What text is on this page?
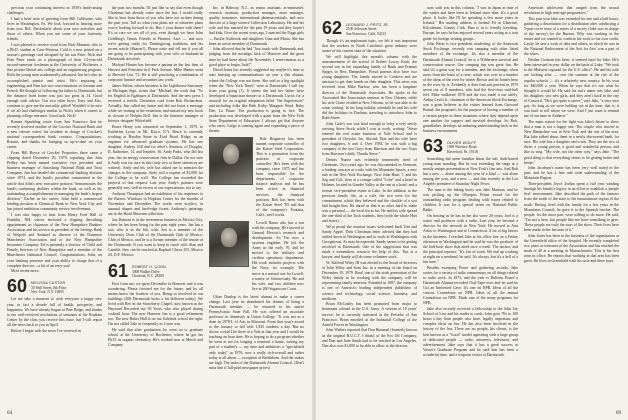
precious your continuing interest in 1959's fund-raising challenges.

I had a brief note of greeting from Bill Coldwater, who lives in Washington, Pa. We look forward to hearing more from you, Bill. Particularly about your new activities and those of others. When you see some of your fraternity friends.

I was pleased to receive word from Nick Mannon, who is a Ph.D. student at Case-Western. Cold is a new posted on a season's greetings card designed by his son Peter. Nick and Pam Peter sends us a photograph of their 14-year-old second-semester freshman at the University of Rochester, a fine private liberal arts college and an engineering program. Both the young man academically advanced, but he's also an accomplished pianist and artist. He's majoring in engineering and Pam has two concentrations in German and French. He thought of following his father to Dartmouth, but the distance from home was just too great at 14. Good enough with advice: Our two other boys, Tony and Eric, continue to give me the mortality gifted! Wouldn't it be nice if we all had challenges similar to Nick's when it comes to planning college entrance. Good luck, Nick!

Ronnie Spaulding wrote from San Francisco that he recently received another of the Crocker National Bank and a new release writes his resident in charge of Crocker's national correspondent bank contacts. Congratulations, Ronnie, and thanks for bringing us up-to-date on your career.

From Bill Boyce of Crocker Properties there came a clipping dated December 29, 1979, reporting that Jean Pedley has been named executive vice president and business manager of Amoskeag National Bank and Trust Company. Jim has headed the commercial banking division since 1974, and the bank's president commented in the article that John's new executive position "demonstrates the bank's continuing abilities within the bank, as well as his outstanding accomplishments in managing the bank's largest division." Earlier in his career, John held a commercial lending position at Chemical Bank in New York City and has joined ambitious community service involvement.

I was also happy to hear from Henry Ford Hall of Franklin, NH, whose enclosed a clipping describing appointment as chairman of the New Hampshire Bankers Association and his service as president of the Savings Bank of Walpole and Sentinel as director of the Dunmore Manchester Association and of the New Hampshire Insurance Company. Ed is presently a director of Child and Family Services of New Hampshire and a member of the Manchester Industrial Council. Congratulations, John, on your banking presence and your ability to charge that of a complete director—a bit of an envy you!

Most recent news:

60 MELISSA CUSTOR
30 Wall Street, 8th Floor
New York, N.Y. 10005

Let me take a moment to wish everyone a happy new year, in fact a decade full of health, prosperity, and happiness. We have already begun at Pine Ridge, and thanks to the well-received resolutions of seminars at the Hopkins Center by the class you receive this issue, but I will report all the news back to you in April.

Before I begin with the news I've received in

the past two months, I'd just like to say that even though Christmas has already come since the last, I would really like to hear from those of you who have not written during the past year. Tell us what your plans are or whatever plans you're looking forward to do. Has 1 your dinner with them? It's so rare we see all of you, even though we have John Goldberg's Tennis Friends in Phoenix, Ariz. — and now we're getting ready for Thanksgiving traditions, and his recent article (Sharon?). Please write and tell me if you all are going to be participating with your wife or husband in Dartmouth activities.

Michael Hunter has become a partner in the law firm of Harvest and Feinstein in il Park Avenue. Mike Hunter went to Harvard Law '72. He is still practicing a combination of corporate finance and securities law work.

James Fallon, whose business is the Lighthouse Sanctuary in Michigan Sign, writes that "Michael, the work that "Yo les English in Egaliquer at Dartmouth. And the new press I received a terrific Christmas card from Bob Richardson. Actually, Jim called my home and did not leave a message while we visiting at the extension, and missed my new book in closure of Holpha Bell. Jim is the business manager of Interior designer Whitefield.

Bruce Henry was remarried on September 1, 1979, to Katherine Lyons in Mt. Kisco, N.Y. Bruce is currently working at Hayden Stone in Ford Road. Ridge, as an engineer for advanced graduate systems. He has one daughter, Audrey Gill and for other's Aviation, of Douglas, II, Katherine, 14, and Jennifer, 16. Andy Parks, who did last year, has an energy conservation firm in Dallas. I'm not sure if Andy was for sure in this (only two or three sentences are written). Andy and his wife has asked me to mention the changes to the company. Andy will a request of $1,000 for the College to be well. The College has exceeded the projects of that request. Last year, Andy's pointers were generally very well in excess of our expectations, not to say.

Anthony Thompson had an exhibition of his responses to the Barrow Windows in Hopkins Center for the months of November and December. The works were acrylics, in unusual shapes and hard-edge forms. Anthony's paintings are in the Hood Museum collection.

Jon Dunnan is in the investment business in Mexico City, where he has been living for the past eight years. Jan has a son, who is in the 6th, with. Jon is a member of the University Dons Club of the Dartmouth Club of Mexico. Club of Mexico, and he is a former member of the senate of the Dartmouth. If you want to keep in touch with Alan and Camille, they can be reached at Raphael Checa 255, Mexico 20, D.F. Mexico.

61 ROBERT H. CONN
3000 Walker Drive
Charlotte, N.C. 28209

First from me, we spent December in Hanover and it was wondering. Please forward me for the future, and by all means know the location of you. Being so involved in our buildings (200 Dartmouth looks a bit different today). We lived with Bev in the Strawberry Chapel, now known as the Hayward Recorded our 50 Years, who also played during cocktail hour. The new Hanover Inn is a good refinement too. The new Baker Hall is on our Zalenick school the right. I'm not called Zale as frequently as I once was.

He said that after graduation, he went on to graduate school at the University of Rochester, where he got his Ph.D. in organic chemistry. He's worked now at Merck and Company

Inc. in Rahway, N.J., as senior assistant, as-ministries' research assistant, production manager, asset manager, quality assurance, international pharmaceuticals, and now director of a large science Collection Laboratory. He and his wife and has married for the past 19 years and they haven't had kids. Over the recent years ago, I married the Figgs girls — Emilie Ashbrook and daughters Gina and Maria. She has been an active member of Dartmouth.

John allowed that he had "lost touch with Dartmouth and, judging from the nostalgic kick of Hanover and the great time he had there about the November 1 semi-reunion as a good place to begin, Jack!"

David Jones has recently suggested my maybe it's time to start heaving up communications on over a this alumni, where the College was not them. She said so a big spotlight when the "New York Times" were at Dartmouth. I will say from your going (?). It seems she and her father have developed a bipartisan theater in a Dartmouth. Lyrics for a musical for an original adaptation titled "the Supervisors" and including folks like Beth Kirby, Margaret Ward, Ruby Dee, La Prune. The production is going to live. The production was developed with a grant from the New York State Department of Education. I always get that Anyone who cares, Cafgo is coming again and expanding a piece of theater.

Bob Brigances has been named corporate controller of the Kaiser Steel Corporation. This is a promotion from the position of corporate controller. He's been with the company since 1975 and has been responsible for the departments of corporate finance analysis and he has been active in financial services, the financial position. Bob has been with the Kaiser Steel "85 and that of the company's Fontana, Calif., steel works.

Lowell Bauer also has a son with his company. He's moved to General Electric's research and development. So I'm now a systems engineer. He left the Army in the early 70, and he moved to the military and civilian operations department. His work includes projects with the Navy, for example. The move is a natural one for Lowell, a native of Schenectady. He and his wife, and two children now live at 260 Sugartown Court.

Uhire Dunlop is the latest alumni to make a career change. Last year he abandoned his dreams of being a Dartmouth member — he returned to his native Pennsylvania State Fall. He was offered an associate professor in chemistry at Union College. "It was not as a dean in 1978-I, of Arts in Missouri. From that year's award to the January to fall with 1,835 students a day. But no doctor would I be there at a Yale at that year and I would be teaching an hour time. He is hoping to do a program whether he went at not for longing a terminal a home, writing my part of a student's — my time and ambitions a "specialized only today" in 1976, now a really rich-overall and rather today is all about — exception at Bethlehem. And the stakes are high. The tasks of the Dartmouth Alumni Council. (Don't miss him if full-paid newspaper prices)

64
62 LEONARD J. PRITZ JR.
2100 Jefferson Street
San Francisco, Calif. 94123

Though it's an unpleasant topic, we felt it was important that the workers in North Carolina's great industry were aware of the current state of the situation.

We will highlight this month's column with the announcement of the arrival of Robert Lowry Kraft, the second son in the expanding family of Hank and Frannie Surges in New Hampshire. Proud parents also have two young daughters. The family moved to Cordova and are anxious to get their hands on their daughter. This news was received from Mike Barlow, who has been a longtime director of the Dartmouth Associates. He spoke at the Associated Bar Association seminar in New Orleans, while his wife Claire resided in New Orleans, so he was able to do some visiting. In his long holiday schedule he and his wife did the holidays in Durham, traveling to introduce John to Ruth Street.

John Cade's son was kind enough to relay a very newly arriving Steve Stock while I was at work, writing: "Steve entered the real estate business at Yale School and is president of Chrysler, Inc. Abroad, Don and his wife have two daughters, 6 and 4. Over 1983, he was with a big company of the two Guys from Harrison and the two Guys from Harrison's daily. Thanks Steve."

Dennis Nunez was evidently immensely tired of Christmas. Two years ago, he was discontented in Vermont, a leading concern at a rule with his Mountain Sports, a new rule in the New York Exchange. Now John Hunt, 7, and his dog and Colt, lives at a cottage called "Lohe" and a hotel in Holmes, located in Gander Valley at the one at a hotel, and a former vice-president estate at Lake. In the addition to the previous family life, as a wife, the two were for the commitment, which they believed and the chuckle of a sort had bought him. He dared us that it as other hard to make was a personal — the local tea as his. He and his wife spread the one-third of the Tuck students, they (with the whole Hart and Jones).

We're proud the reunion issues welcomed back Tim and Sandy Appel. Their Christmas letter advised that they had settled down in Washington and to work in Washington with Georgetown. As may be expected, Sandy seems to be getting involved in Dartmouth. One of the suggestions that was made a tremendous resource the help of this. Tim is a lawyer, and Sandy will do some volunteer work.

W. Stafford Wiley III was elected to the board of directors of John Wiley and Sons Inc. in a meeting of the board on December 19, 1979. Brad, one of the sixth generation of the Wiley family to be working with the company, will be representing family interests. Founded in 1807, the company is one of America's leading independent publishers of science and technology, social science, business, and medicine.

Brian McCarthy has been promoted from major to lieutenant colonel in the U.S. Army. A veteran of 18 years' service, he is currently stationed at the Presidio of San Francisco. Brian enrolled at the Industrial College of the Armed Forces in Washington.

John Walters reported that Dan Hummel (formerly known as the original R.U.C.T. I think) of the Fox Oil Company, and Dan and Jane Smith had to be reached in Los Angeles. Dan also won $1,000 to be able to allow to the director.

sons with you in this column. "I was in Japan at time of the winter and have been in Ireland since then. It's a good place. It looks like I'll be spending a few more years in Ireland." His mailing address is Ireland Fit at Glencrue, Kilcoleman, County Cork. Pam is in to frendly traveling. Europe, he says he has enjoyed several years acting as a tour guide for foreign visiting groups.

John Wertz is vice president, marketing, of the American Stock Exchange, recently was camping with other listed members of the exchange. It's also a member of the Dartmouth Alumni Council; he is a Wilderness survival and conservation course. Our camping trip was great fun. He said it's a great way for a member, and the exchange, when away from the basis of a river, which was over in a number of the ideas of the river by winter Brown and its former hero in the river by is. Evidently it does find suit percent in 1979 seven out of 8 members, who had the first-class mid-half feel. Mike walkered 1978 and the two made it out safely. Arthur Levitt Jr., chairman of the American Stock Exchange, was a great believer in the values learned from Outward Bound, the program's for the purpose of having a number of a certain people in these situations where they depend upon one another for support and survival develops. So Bob, grandfather, develops an enduring understanding back in the business environment.

63 OLIVER WOLFF
1969 Winslow Road
Haverford, Pa. 19118

Something did seem familiar about the tall, dark-haired young man standing. But he was extending the stage at a mostly unique presentation at New York's fine arts. And Bob has a new — alone among the year of a kind — was alone among the year, and a new — and that recently at the Los Angeles premiere of Saturday Night Fever.

The man is the hiking boots was Jake Mattson, and he was picking up the Olympus Prime award for the outstanding radio program dealing with issues related to children. It was for a special series on National Public Radio.

On hosting as he has in the last wave 20 years, Joel is a writer and producer with a radio. Last year, he became a director for the network in New York. He moved to Ann Arbor to Washington and to Connecticut. A lot of big hitters in the business. I reached Jake at his office late on a Friday afternoon in Washington and he said he was the producer of the half-hour show that aired once a week. The anchor, and the principal reporter. "It's lots of work. We end up working at night on a weekend, he said. It's always, but it's a hell of a fun time."

Besides sweeping Peace and gathering awards, Jake writes for a variety of radio commentary on all things related to radio work. In 1973, and the year is Bulletin Board a Dartmouth Alumni-recorded Oral-Tape over and he said he Got an Interested Cave. It's one on NPR. Ideas of all the various Countdown on NPR. Ideas of all the annual Countdown on NPR. Think one of the many programs for NPR.

Jake also recently received a fellowship to the John Jay School of Law and his trades to cards, John goes 70s to 100 hours a day from people who have, legally important, and complex ideas on law. He has also been involved in the history of the law. There are no people, his clients, is the best known as a "Good" model appearing with a large group of dedicated people — radio, attorneys, television, and advertisement. Jake says that it has a great success at Vassar's Graduate Program and he said that has been a wonderful time, and a frequent visitor at Dartmouth.

American adolescent that ranged from the sexual revolution to high teen-age pregnancies."

This past year Jake was extended for one and a half hours, gathering a dissertation for a distribution after conducting a 5-part cover story of a series of a survey (Jake was in charge of the survey) for the Bureau. Why was working in the issues and we wanted to confirm his work to his own credit. Lastly, he saw a work of data and others, in which he was in the National Endowment of the Arts for Arts' was a part of the series.

Neither Gorman has been, it seemed hard for Jake. He's been interested in your dollar on the basis of Lake: "We took to the Midwest regional for the U.S. office". He and his wife are looking after — over the summer at the rise of the regular schools — it's a relatively new country. In his own for $40,000 a year. When he says that it's not what he thought it would be. He said his son's name was Jake, and his daughter, two new girls, and they aren't back in the city of Concord. "He's got quite a career," says Jake, "a very nice guy. As long as we were holding out at the time, that is, it was hard to tell where we were. And I just want to remind me of our time in Amherst."

The main reason for the fight was Jake's desire to show that a man is not a happy one. The couple who moved to New Hampshire was in New York and the rest of the area. But Jake talked about them in a newly discovered bank, for sure. His wife has a daughter and a son. They are the two of them: a young person, a good and wonderful person, and like to sing. "My wife, not the other way," says Jake. "The good thing is that everything seems to be getting better and better."

John Jacobsen's name has been very well noted in the past, and he has a fine and wide understanding of the Mountain Region.

Then-president Joyce Jordan spent a full year winding through his family's legacy in an effort to establish a 'people first' environment. Jake described the path of the farmers from the south of the state to the mountainous region of the north. Having lived with the family for a few years in the Mountains Council, he gave it to the Spanish teacher. The people, for the most part, were willing to do more. He said, "I'm not a hero, but people like me have something to give. These people are truly the stars of the show. Their lives have been made richer because of it."

John Jones has been in the business of the organization at the Greenfield office of the hospital. He recently completed two years as treasurer of the Association and has reached the mark of 40 at a meeting in Massachusetts. This is his first term in office. He reports that working in that area has been great. He lives in Greenfield with his wife and three boys.

69
